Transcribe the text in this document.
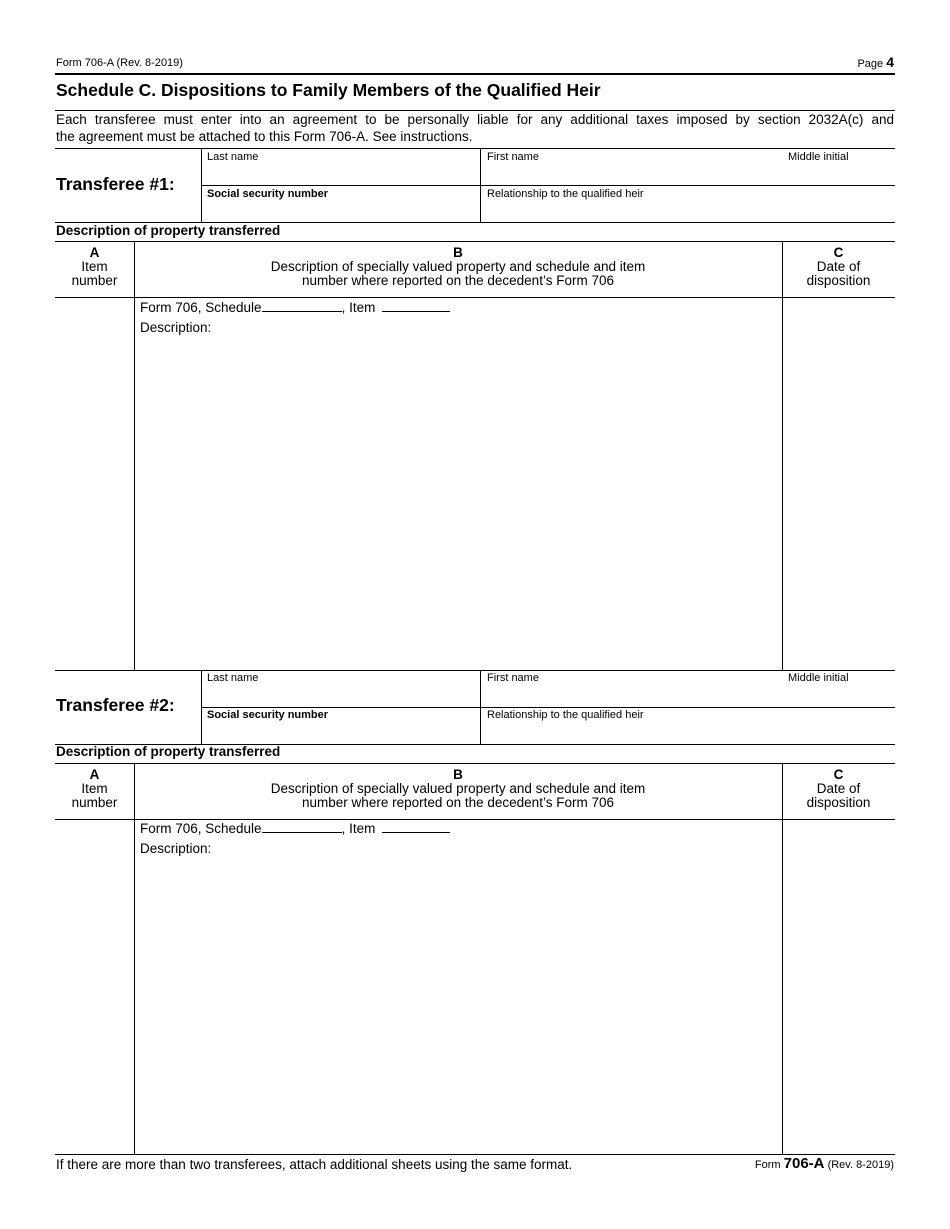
Form 706-A (Rev. 8-2019)	Page 4
Schedule C. Dispositions to Family Members of the Qualified Heir
Each transferee must enter into an agreement to be personally liable for any additional taxes imposed by section 2032A(c) and
the agreement must be attached to this Form 706-A. See instructions.
Transferee #1:
Last name	First name	Middle initial
Social security number	Relationship to the qualified heir
Description of property transferred
A
Item
number
B
Description of specially valued property and schedule and item
number where reported on the decedent’s Form 706
C
Date of
disposition
Form 706, Schedule	, Item
Description:
Transferee #2:
Last name	First name	Middle initial
Social security number	Relationship to the qualified heir
Description of property transferred
A
Item
number
B
Description of specially valued property and schedule and item
number where reported on the decedent’s Form 706
C
Date of
disposition
Form 706, Schedule	, Item
Description:
If there are more than two transferees, attach additional sheets using the same format.	Form 706-A (Rev. 8-2019)
